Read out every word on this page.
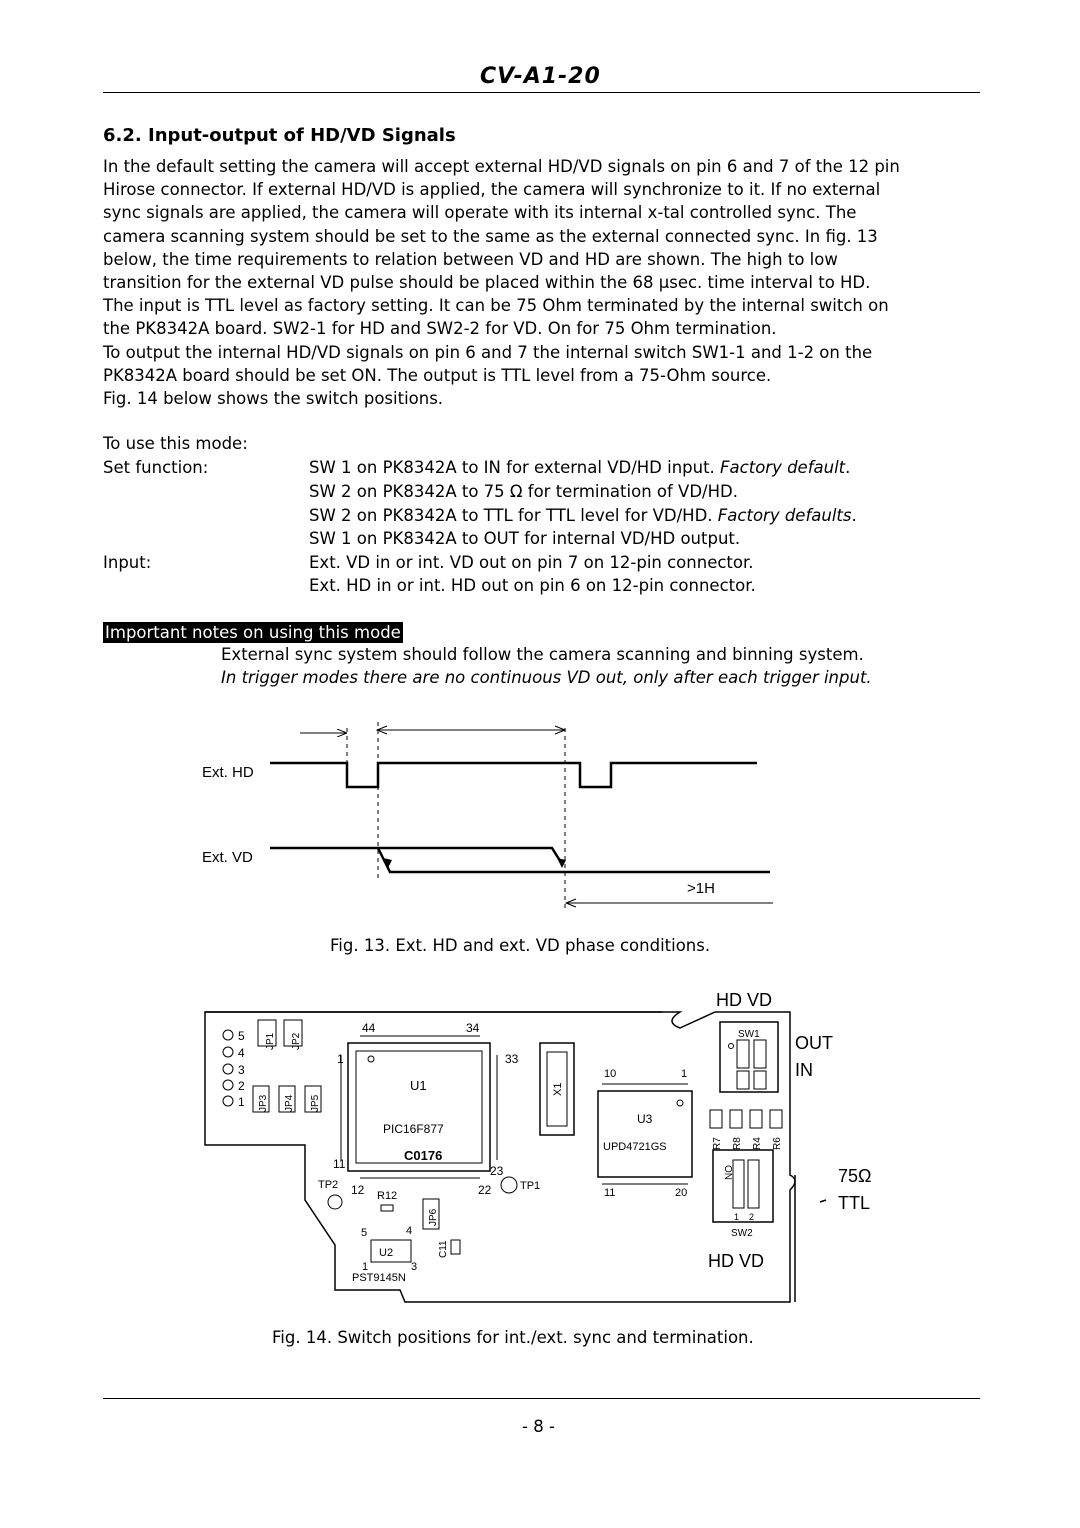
CV-A1-20
6.2. Input-output of HD/VD Signals
In the default setting the camera will accept external HD/VD signals on pin 6 and 7 of the 12 pin
Hirose connector. If external HD/VD is applied, the camera will synchronize to it. If no external
sync signals are applied, the camera will operate with its internal x-tal controlled sync. The
camera scanning system should be set to the same as the external connected sync. In fig. 13
below, the time requirements to relation between VD and HD are shown. The high to low
transition for the external VD pulse should be placed within the 68 µsec. time interval to HD.
The input is TTL level as factory setting. It can be 75 Ohm terminated by the internal switch on
the PK8342A board. SW2-1 for HD and SW2-2 for VD. On for 75 Ohm termination.
To output the internal HD/VD signals on pin 6 and 7 the internal switch SW1-1 and 1-2 on the
PK8342A board should be set ON. The output is TTL level from a 75-Ohm source.
Fig. 14 below shows the switch positions.
To use this mode:
Set function:	SW 1 on PK8342A to IN for external VD/HD input. Factory default.
SW 2 on PK8342A to 75 Ω for termination of VD/HD.
SW 2 on PK8342A to TTL for TTL level for VD/HD. Factory defaults.
SW 1 on PK8342A to OUT for internal VD/HD output.
Input:	Ext. VD in or int. VD out on pin 7 on 12-pin connector.
Ext. HD in or int. HD out on pin 6 on 12-pin connector.
Important notes on using this mode
External sync system should follow the camera scanning and binning system.
In trigger modes there are no continuous VD out, only after each trigger input.
Ext. HD
Ext. VD
>1H
Fig. 13. Ext. HD and ext. VD phase conditions.
HD VD
OUT
IN
75Ω
TTL
HD VD
5
4
3
2
1
JP1 JP2
JP3 JP4 JP5
44	34
33
1
11
12	22
23
U1
PIC16F877
C0176
X1
10	1
11	20
U3
UPD4721GS
TP1
TP2
R12
JP6
U2
5	4
1	3
PST9145N
C11
SW1
R7 R8 R4 R6
ON
1 2
SW2
Fig. 14. Switch positions for int./ext. sync and termination.
- 8 -
